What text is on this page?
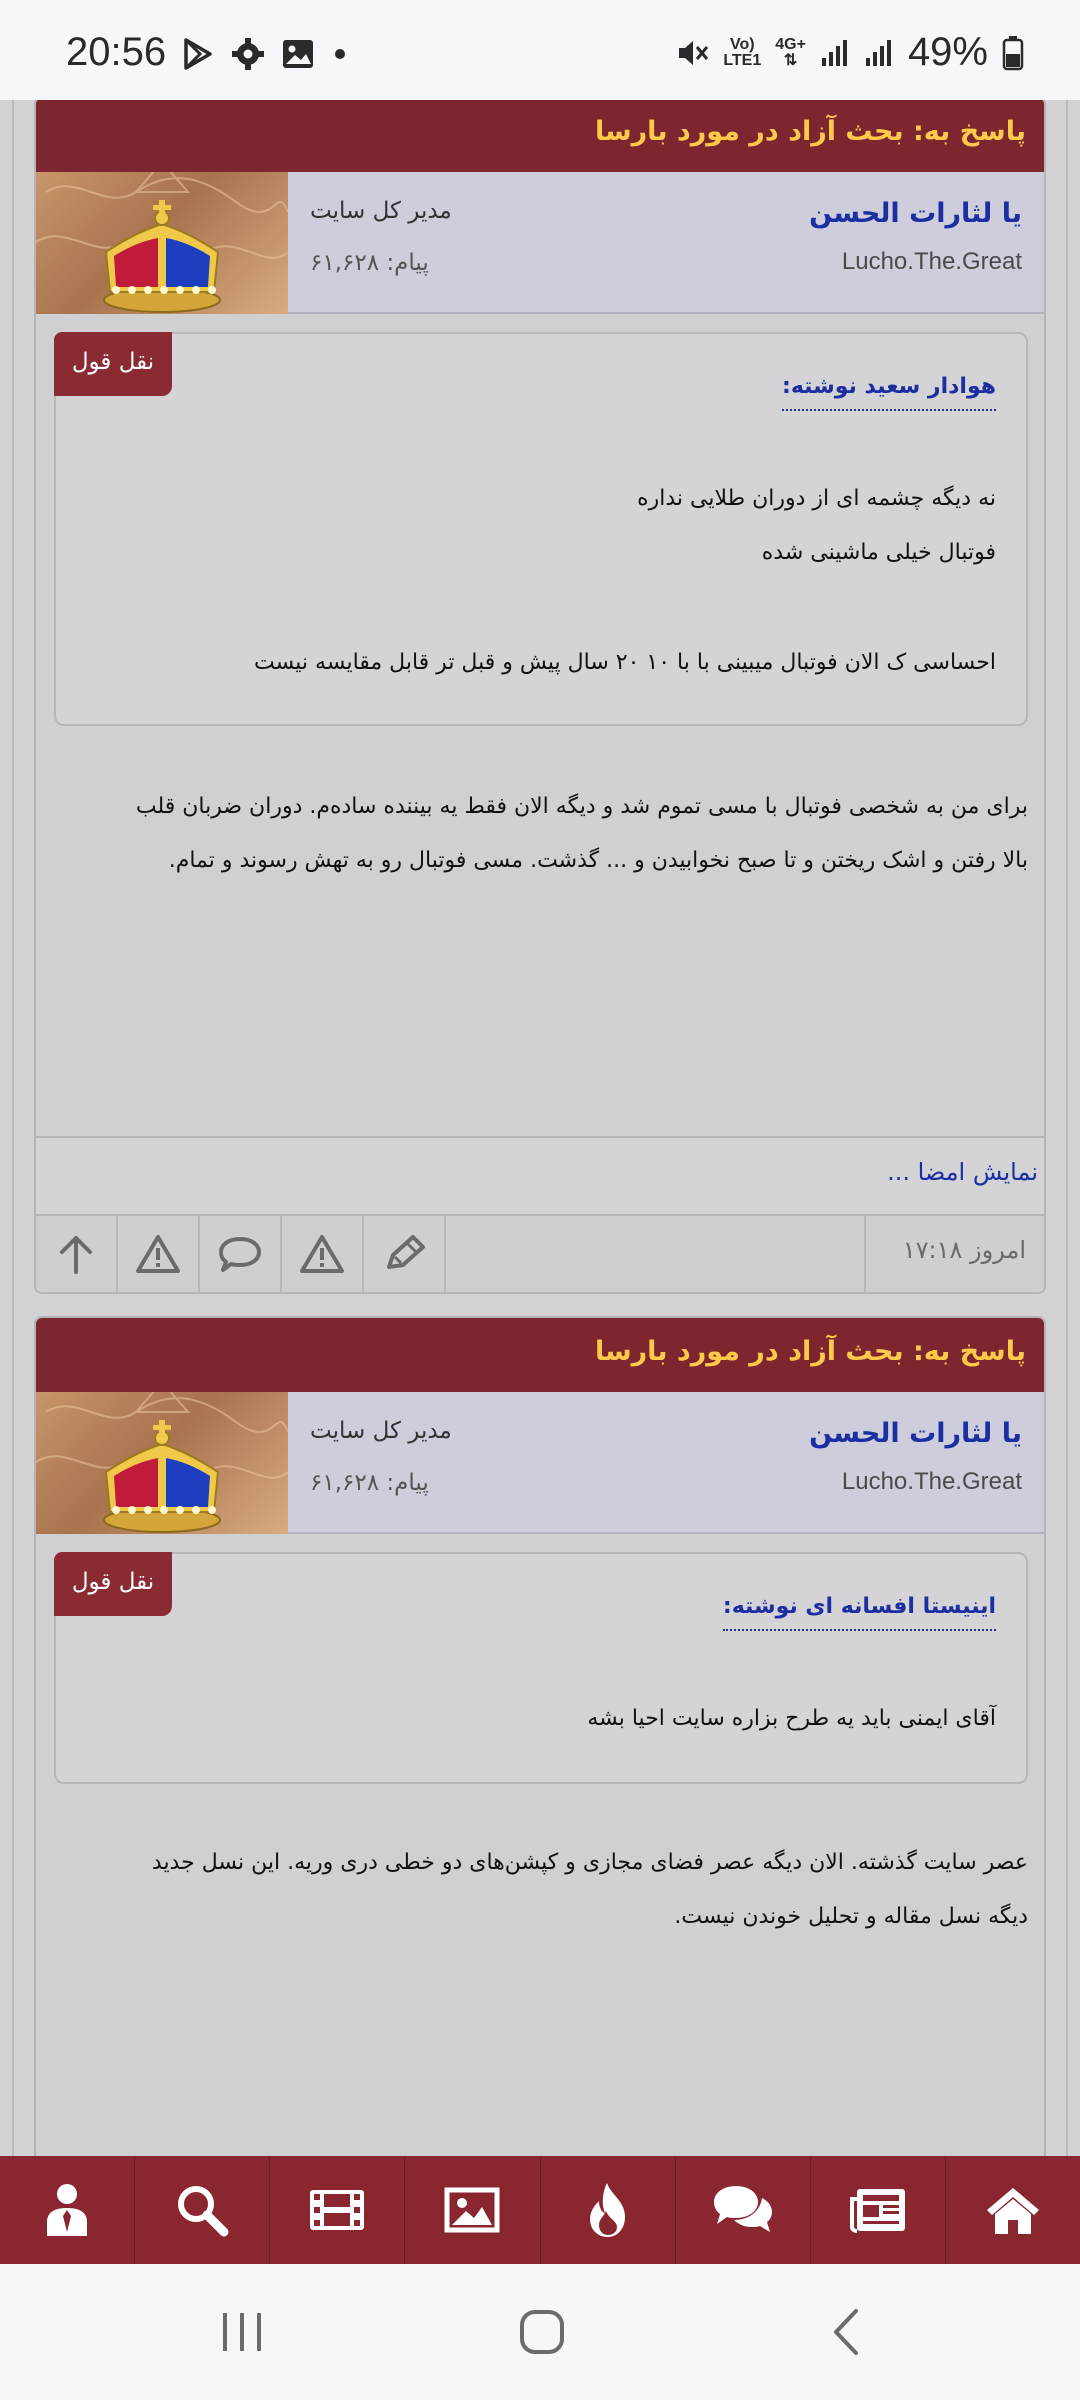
20:56	Vo)
LTE1
4G+
⇅	49%
پاسخ به: بحث آزاد در مورد بارسا
یا لثارات الحسن
Lucho.The.Great
مدیر کل سایت
پیام: ۶۱,۶۲۸
نقل قول
هوادار سعید نوشته:
نه دیگه چشمه ای از دوران طلایی نداره
فوتبال خیلی ماشینی شده
احساسی ک الان فوتبال میبینی با با ۱۰ ۲۰ سال پیش و قبل تر قابل مقایسه نیست
برای من به شخصی فوتبال با مسی تموم شد و دیگه الان فقط یه بیننده ساده‌م. دوران ضربان قلب
بالا رفتن و اشک ریختن و تا صبح نخوابیدن و ... گذشت. مسی فوتبال رو به تهش رسوند و تمام.
نمایش امضا ...
امروز ۱۷:۱۸
پاسخ به: بحث آزاد در مورد بارسا
یا لثارات الحسن
Lucho.The.Great
مدیر کل سایت
پیام: ۶۱,۶۲۸
نقل قول
اینیستا افسانه ای نوشته:
آقای ایمنی باید یه طرح بزاره سایت احیا بشه
عصر سایت گذشته. الان دیگه عصر فضای مجازی و کپشن‌های دو خطی دری وریه. این نسل جدید
دیگه نسل مقاله و تحلیل خوندن نیست.
